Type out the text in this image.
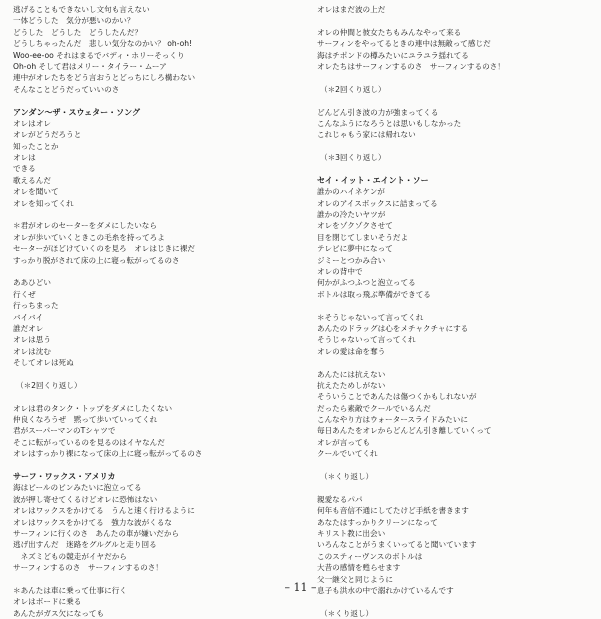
逃げることもできないし文句も言えない
一体どうした　気分が悪いのかい？
どうした　どうした　どうしたんだ？
どうしちゃったんだ　悲しい気分なのかい？ oh-oh!
Woo-ee-oo それはまるでバディ・ホリーそっくり
Oh-oh そして君はメリー・タイラー・ムーア
連中がオレたちをどう言おうとどっちにしろ構わない
そんなことどうだっていいのさ
アンダン～ザ・スウェター・ソング
オレはオレ
オレがどうだろうと
知ったことか
オレは
できる
歌えるんだ
オレを聞いて
オレを知ってくれ
＊君がオレのセーターをダメにしたいなら
オレが歩いていくときこの毛糸を持ってろよ
セーターがほどけていくのを見ろ　オレはじきに裸だ
すっかり脱がされて床の上に寝っ転がってるのさ
ああひどい
行くぜ
行っちまった
バイバイ
誰だオレ
オレは思う
オレは沈む
そしてオレは死ぬ
（＊2回くり返し）
オレは君のタンク・トップをダメにしたくない
仲良くなろうぜ　黙って歩いていってくれ
君がスーパーマンのTシャツで
そこに転がっているのを見るのはイヤなんだ
オレはすっかり裸になって床の上に寝っ転がってるのさ
サーフ・ワックス・アメリカ
海はビールのビンみたいに泡立ってる
波が押し寄せてくるけどオレに恐怖はない
オレはワックスをかけてる　うんと速く行けるように
オレはワックスをかけてる　強力な波がくるな
サーフィンに行くのさ　あんたの車が嫌いだから
逃げ出すんだ　迷路をグルグルと走り回る
　ネズミどもの競走がイヤだから
サーフィンするのさ　サーフィンするのさ！
＊あんたは車に乗って仕事に行く
オレはボードに乗る
あんたがガス欠になっても
オレはまだ波の上だ
オレの仲間と彼女たちもみんなやって来る
サーフィンをやってるときの連中は無敵って感じだ
海はチポンドの樽みたいにユラユラ揺れてる
オレたちはサーフィンするのさ　サーフィンするのさ！
（＊2回くり返し）
どんどん引き波の力が強まってくる
こんなふうになろうとは思いもしなかった
これじゃもう家には帰れない
（＊3回くり返し）
セイ・イット・エイント・ソー
誰かのハイネケンが
オレのアイスボックスに詰まってる
誰かの冷たいヤツが
オレをゾクゾクさせて
目を閉じてしまいそうだよ
テレビに夢中になって
ジミーとつかみ合い
オレの背中で
何かがふつふつと泡立ってる
ボトルは取っ飛ぶ準備ができてる
＊そうじゃないって言ってくれ
あんたのドラッグは心をメチャクチャにする
そうじゃないって言ってくれ
オレの愛は命を奪う
あんたには抗えない
抗えたためしがない
そういうことであんたは傷つくかもしれないが
だったら素敵でクールでいるんだ
こんなやり方はウォータースライドみたいに
毎日あんたをオレからどんどん引き離していくって
オレが言っても
クールでいてくれ
（＊くり返し）
親愛なるパパ
何年も音信不通にしてたけど手紙を書きます
あなたはすっかりクリーンになって
キリスト教に出会い
いろんなことがうまくいってると聞いています
このスティーヴンスのボトルは
大昔の感情を甦らせます
父一継父と同じように
息子も洪水の中で溺れかけているんです
（＊くり返し）
– 11 –
